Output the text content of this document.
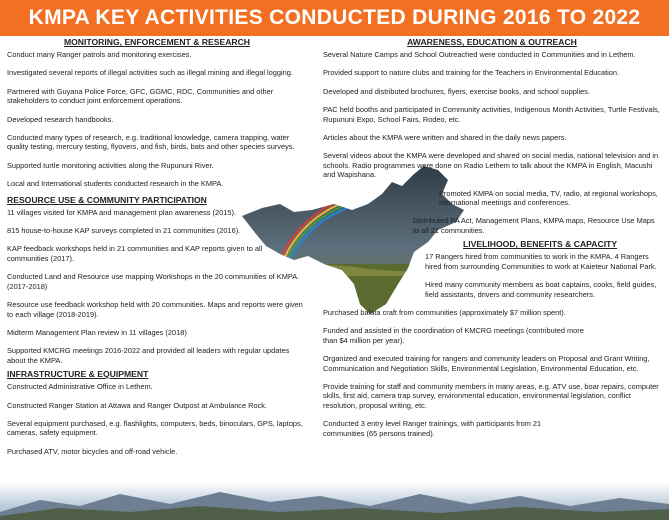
KMPA KEY ACTIVITIES CONDUCTED DURING 2016 TO 2022
MONITORING, ENFORCEMENT & RESEARCH

Conduct many Ranger patrols and monitoring exercises.

Investigated several reports of illegal activities such as illegal mining and illegal logging.

Partnered with Guyana Police Force, GFC, GGMC, RDC, Communities and other stakeholders to conduct joint enforcement operations.

Developed research handbooks.

Conducted many types of research, e.g. traditional knowledge, camera trapping, water quality testing, mercury testing, flyovers, and fish, birds, bats and other species surveys.

Supported turtle monitoring activities along the Rupununi River.

Local and International students conducted research in the KMPA.

RESOURCE USE & COMMUNITY PARTICIPATION

11 villages visited for KMPA and management plan awareness (2015).

815 house-to-house KAP surveys completed in 21 communities (2016).

KAP feedback workshops held in 21 communities and KAP reports given to all communities (2017).

Conducted Land and Resource use mapping Workshops in the 20 communities of KMPA. (2017-2018)

Resource use feedback workshop held with 20 communities. Maps and reports were given to each village (2018-2019).

Midterm Management Plan review in 11 villages (2018)

Supported KMCRG meetings 2016-2022 and provided all leaders with regular updates about the KMPA.

INFRASTRUCTURE & EQUIPMENT

Constructed Administrative Office in Lethem.

Constructed Ranger Station at Attawa and Ranger Outpost at Ambulance Rock.

Several equipment purchased, e.g. flashlights, computers, beds, binoculars, GPS, laptops, cameras, safety equipment.

Purchased ATV, motor bicycles and off-road vehicle.

AWARENESS, EDUCATION & OUTREACH

Several Nature Camps and School Outreached were conducted in Communities and in Lethem.

Provided support to nature clubs and training for the Teachers in Environmental Education.

Developed and distributed brochures, flyers, exercise books, and school supplies.

PAC held booths and participated in Community activities, Indigenous Month Activities, Turtle Festivals, Rupununi Expo, School Fairs, Rodeo, etc.

Articles about the KMPA were written and shared in the daily news papers.

Several videos about the KMPA were developed and shared on social media, national television and in schools. Radio programmes were done on Radio Lethem to talk about the KMPA in English, Macushi and Wapishana.

Promoted KMPA on social media, TV, radio, at regional workshops, international meetings and conferences.

Distributed PA Act, Management Plans, KMPA maps, Resource Use Maps to all 21 communities.

LIVELIHOOD, BENEFITS & CAPACITY

17 Rangers hired from communities to work in the KMPA. 4 Rangers hired from surrounding Communities to work at Kaieteur National Park.

Hired many community members as boat captains, cooks, field guides, field assistants, drivers and community researchers.

Purchased balata craft from communities (approximately $7 million spent).

Funded and assisted in the coordination of KMCRG meetings (contributed more than $4 million per year).

Organized and executed training for rangers and community leaders on Proposal and Grant Writing, Communication and Negotiation Skills, Environmental Legislation, Environmental Education, etc.

Provide training for staff and community members in many areas, e.g. ATV use, boar repairs, computer skills, first aid, camera trap survey, environmental education, environmental legislation, conflict resolution, proposal writing, etc.

Conducted 3 entry level Ranger trainings, with participants from 21 communities (65 persons trained).
